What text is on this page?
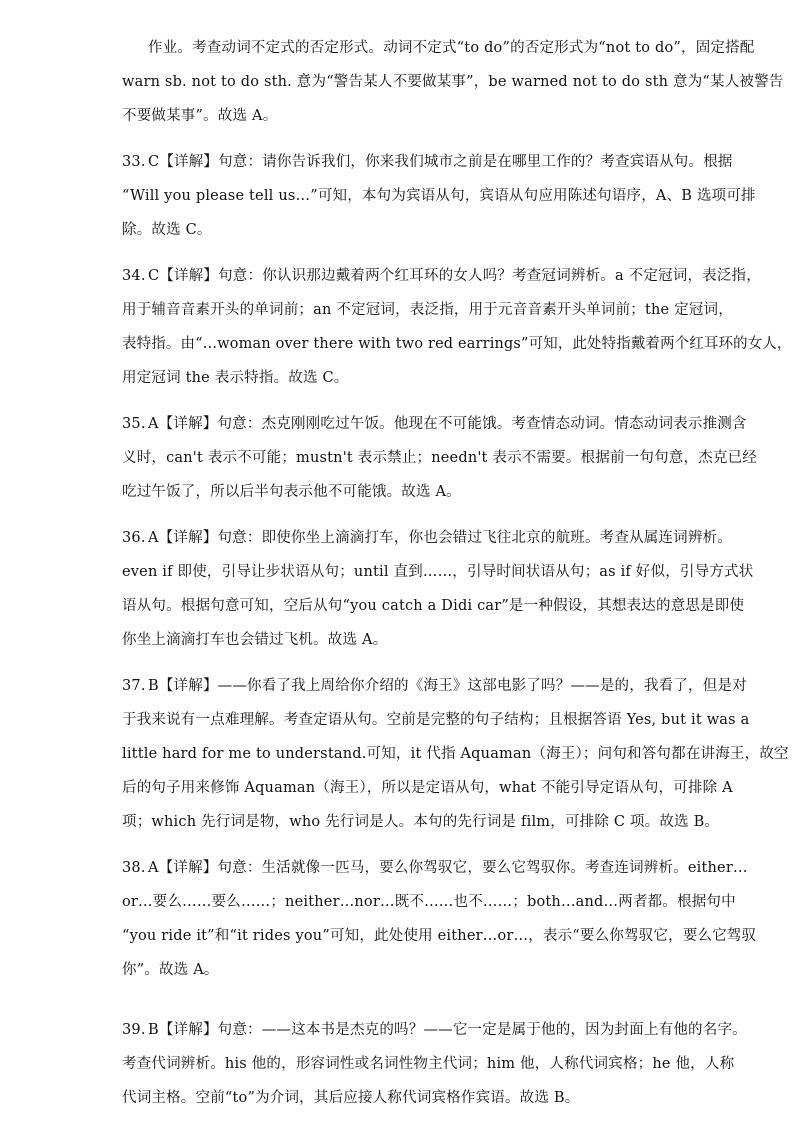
作业。考查动词不定式的否定形式。动词不定式“to do”的否定形式为“not to do”，固定搭配
warn sb. not to do sth. 意为“警告某人不要做某事”，be warned not to do sth 意为“某人被警告
不要做某事”。故选 A。
33. C【详解】句意：请你告诉我们，你来我们城市之前是在哪里工作的？考查宾语从句。根据
“Will you please tell us…”可知，本句为宾语从句，宾语从句应用陈述句语序，A、B 选项可排
除。故选 C。
34. C【详解】句意：你认识那边戴着两个红耳环的女人吗？考查冠词辨析。a 不定冠词，表泛指，
用于辅音音素开头的单词前；an 不定冠词，表泛指，用于元音音素开头单词前；the 定冠词，
表特指。由“…woman over there with two red earrings”可知，此处特指戴着两个红耳环的女人，
用定冠词 the 表示特指。故选 C。
35. A【详解】句意：杰克刚刚吃过午饭。他现在不可能饿。考查情态动词。情态动词表示推测含
义时，can't 表示不可能；mustn't 表示禁止；needn't 表示不需要。根据前一句句意，杰克已经
吃过午饭了，所以后半句表示他不可能饿。故选 A。
36. A【详解】句意：即使你坐上滴滴打车，你也会错过飞往北京的航班。考查从属连词辨析。
even if 即使，引导让步状语从句；until 直到……，引导时间状语从句；as if 好似，引导方式状
语从句。根据句意可知，空后从句“you catch a Didi car”是一种假设，其想表达的意思是即使
你坐上滴滴打车也会错过飞机。故选 A。
37. B【详解】——你看了我上周给你介绍的《海王》这部电影了吗？——是的，我看了，但是对
于我来说有一点难理解。考查定语从句。空前是完整的句子结构；且根据答语 Yes, but it was a
little hard for me to understand.可知，it 代指 Aquaman（海王）；问句和答句都在讲海王，故空
后的句子用来修饰 Aquaman（海王），所以是定语从句，what 不能引导定语从句，可排除 A
项；which 先行词是物，who 先行词是人。本句的先行词是 film，可排除 C 项。故选 B。
38. A【详解】句意：生活就像一匹马，要么你驾驭它，要么它驾驭你。考查连词辨析。either…
or…要么……要么……；neither…nor…既不……也不……；both…and…两者都。根据句中
“you ride it”和“it rides you”可知，此处使用 either…or…，表示“要么你驾驭它，要么它驾驭
你”。故选 A。
39. B【详解】句意：——这本书是杰克的吗？——它一定是属于他的，因为封面上有他的名字。
考查代词辨析。his 他的，形容词性或名词性物主代词；him 他，人称代词宾格；he 他，人称
代词主格。空前“to”为介词，其后应接人称代词宾格作宾语。故选 B。
